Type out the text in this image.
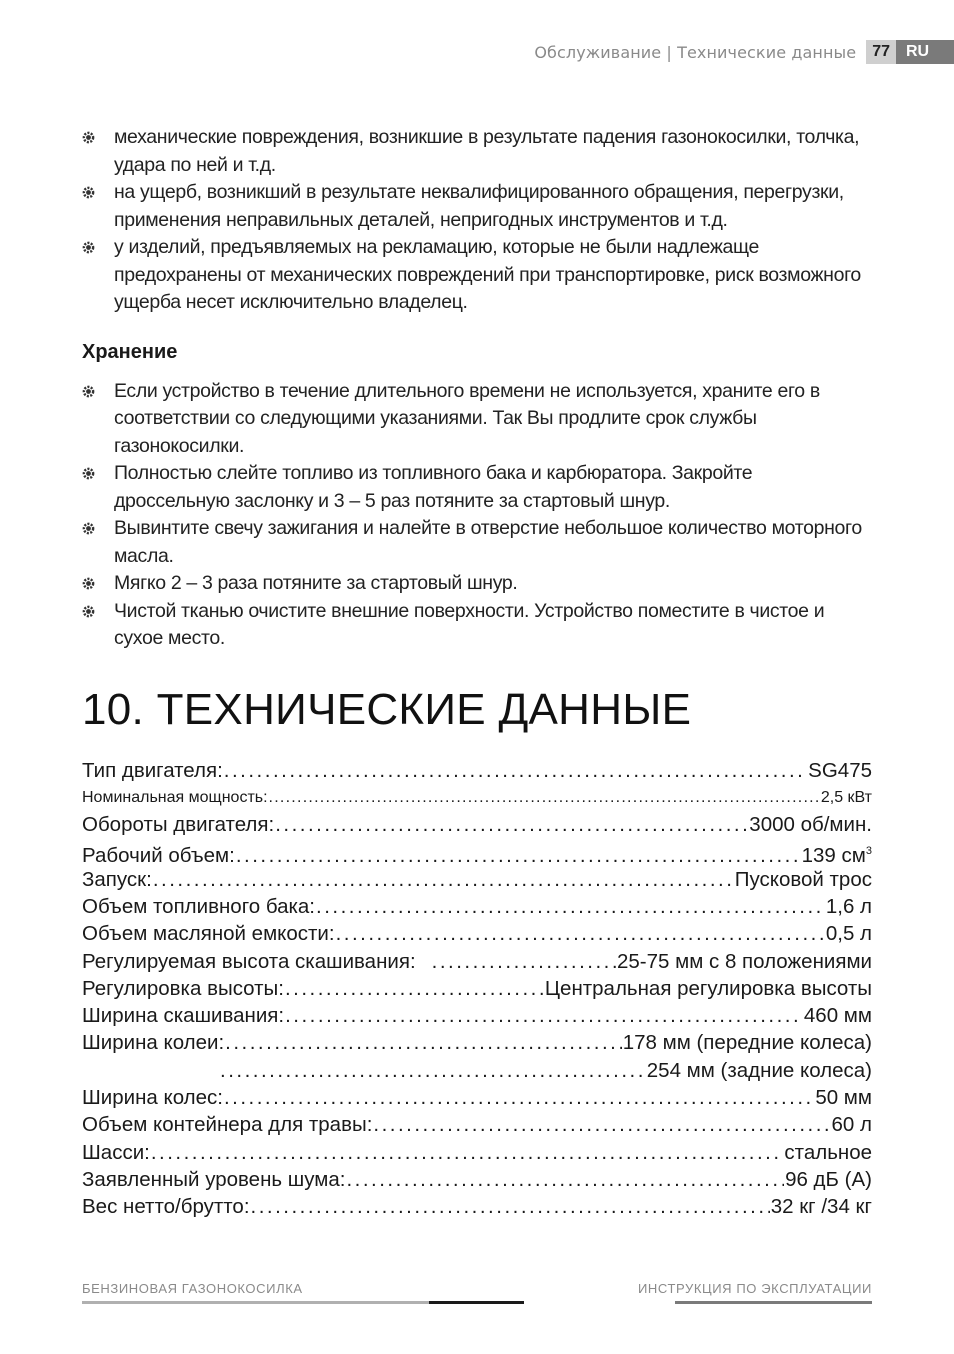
Обслуживание | Технические данные	77	RU
механические повреждения, возникшие в результате падения газонокосилки, толчка, удара по ней и т.д.
на ущерб, возникший в результате неквалифицированного обращения, перегрузки, применения неправильных деталей, непригодных инструментов и т.д.
у изделий, предъявляемых на рекламацию, которые не были надлежаще предохранены от механических повреждений при транспортировке, риск возможного ущерба несет исключительно владелец.
Хранение
Если устройство в течение длительного времени не используется, храните его в соответствии со следующими указаниями. Так Вы продлите срок службы газонокосилки.
Полностью слейте топливо из топливного бака и карбюратора. Закройте дроссельную заслонку и 3 – 5 раз потяните за стартовый шнур.
Вывинтите свечу зажигания и налейте в отверстие небольшое количество моторного масла.
Мягко 2 – 3 раза потяните за стартовый шнур.
Чистой тканью очистите внешние поверхности. Устройство поместите в чистое и сухое место.
10. ТЕХНИЧЕСКИЕ ДАННЫЕ
Тип двигателя: . . .	SG475
Номинальная мощность: . . .	2,5 кВт
Обороты двигателя: . . .	3000 об/мин.
Рабочий объем: . . .	139 $см^3$
Запуск: . . .	Пусковой трос
Объем топливного бака: . . .	1,6 л
Объем масляной емкости: . . .	0,5 л
Регулируемая высота скашивания: . . .	25-75 мм с 8 положениями
Регулировка высоты: . . .	Центральная регулировка высоты
Ширина скашивания: . . .	460 мм
Ширина колеи: . . .	178 мм (передние колеса)
. . .
254 мм (задние колеса)
Ширина колес: . . .	50 мм
Объем контейнера для травы: . . .	60 л
Шасси: . . .	стальное
Заявленный уровень шума: . . .	96 дБ (А)
Вес нетто/брутто: . . .	32 кг /34 кг
БЕНЗИНОВАЯ ГАЗОНОКОСИЛКА	ИНСТРУКЦИЯ ПО ЭКСПЛУАТАЦИИ
